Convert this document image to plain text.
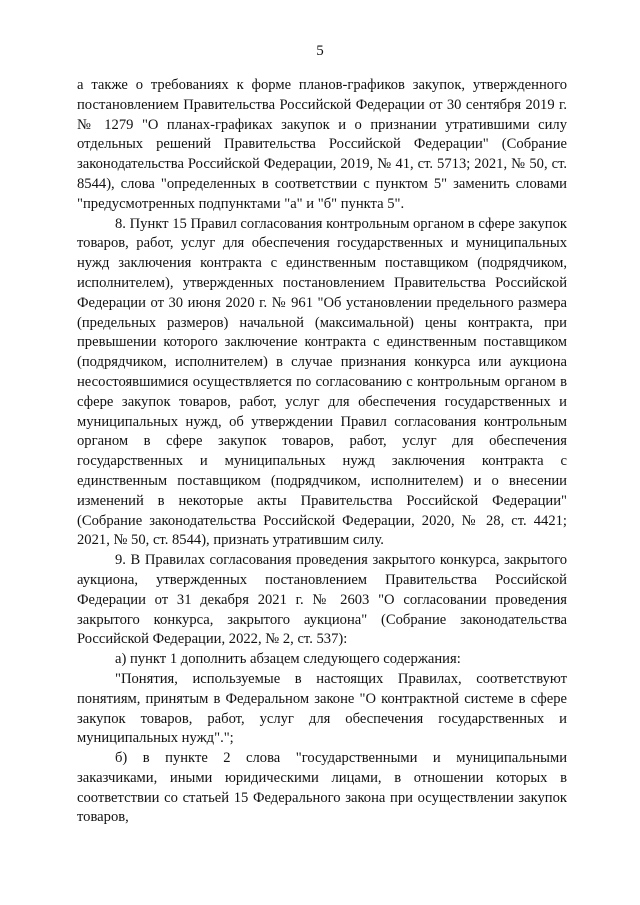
5

а также о требованиях к форме планов-графиков закупок, утвержденного постановлением Правительства Российской Федерации от 30 сентября 2019 г. № 1279 "О планах-графиках закупок и о признании утратившими силу отдельных решений Правительства Российской Федерации" (Собрание законодательства Российской Федерации, 2019, № 41, ст. 5713; 2021, № 50, ст. 8544), слова "определенных в соответствии с пунктом 5" заменить словами "предусмотренных подпунктами "а" и "б" пункта 5".

8. Пункт 15 Правил согласования контрольным органом в сфере закупок товаров, работ, услуг для обеспечения государственных и муниципальных нужд заключения контракта с единственным поставщиком (подрядчиком, исполнителем), утвержденных постановлением Правительства Российской Федерации от 30 июня 2020 г. № 961 "Об установлении предельного размера (предельных размеров) начальной (максимальной) цены контракта, при превышении которого заключение контракта с единственным поставщиком (подрядчиком, исполнителем) в случае признания конкурса или аукциона несостоявшимися осуществляется по согласованию с контрольным органом в сфере закупок товаров, работ, услуг для обеспечения государственных и муниципальных нужд, об утверждении Правил согласования контрольным органом в сфере закупок товаров, работ, услуг для обеспечения государственных и муниципальных нужд заключения контракта с единственным поставщиком (подрядчиком, исполнителем) и о внесении изменений в некоторые акты Правительства Российской Федерации" (Собрание законодательства Российской Федерации, 2020, № 28, ст. 4421; 2021, № 50, ст. 8544), признать утратившим силу.

9. В Правилах согласования проведения закрытого конкурса, закрытого аукциона, утвержденных постановлением Правительства Российской Федерации от 31 декабря 2021 г. № 2603 "О согласовании проведения закрытого конкурса, закрытого аукциона" (Собрание законодательства Российской Федерации, 2022, № 2, ст. 537):

а) пункт 1 дополнить абзацем следующего содержания:

"Понятия, используемые в настоящих Правилах, соответствуют понятиям, принятым в Федеральном законе "О контрактной системе в сфере закупок товаров, работ, услуг для обеспечения государственных и муниципальных нужд".";

б) в пункте 2 слова "государственными и муниципальными заказчиками, иными юридическими лицами, в отношении которых в соответствии со статьей 15 Федерального закона при осуществлении закупок товаров,
